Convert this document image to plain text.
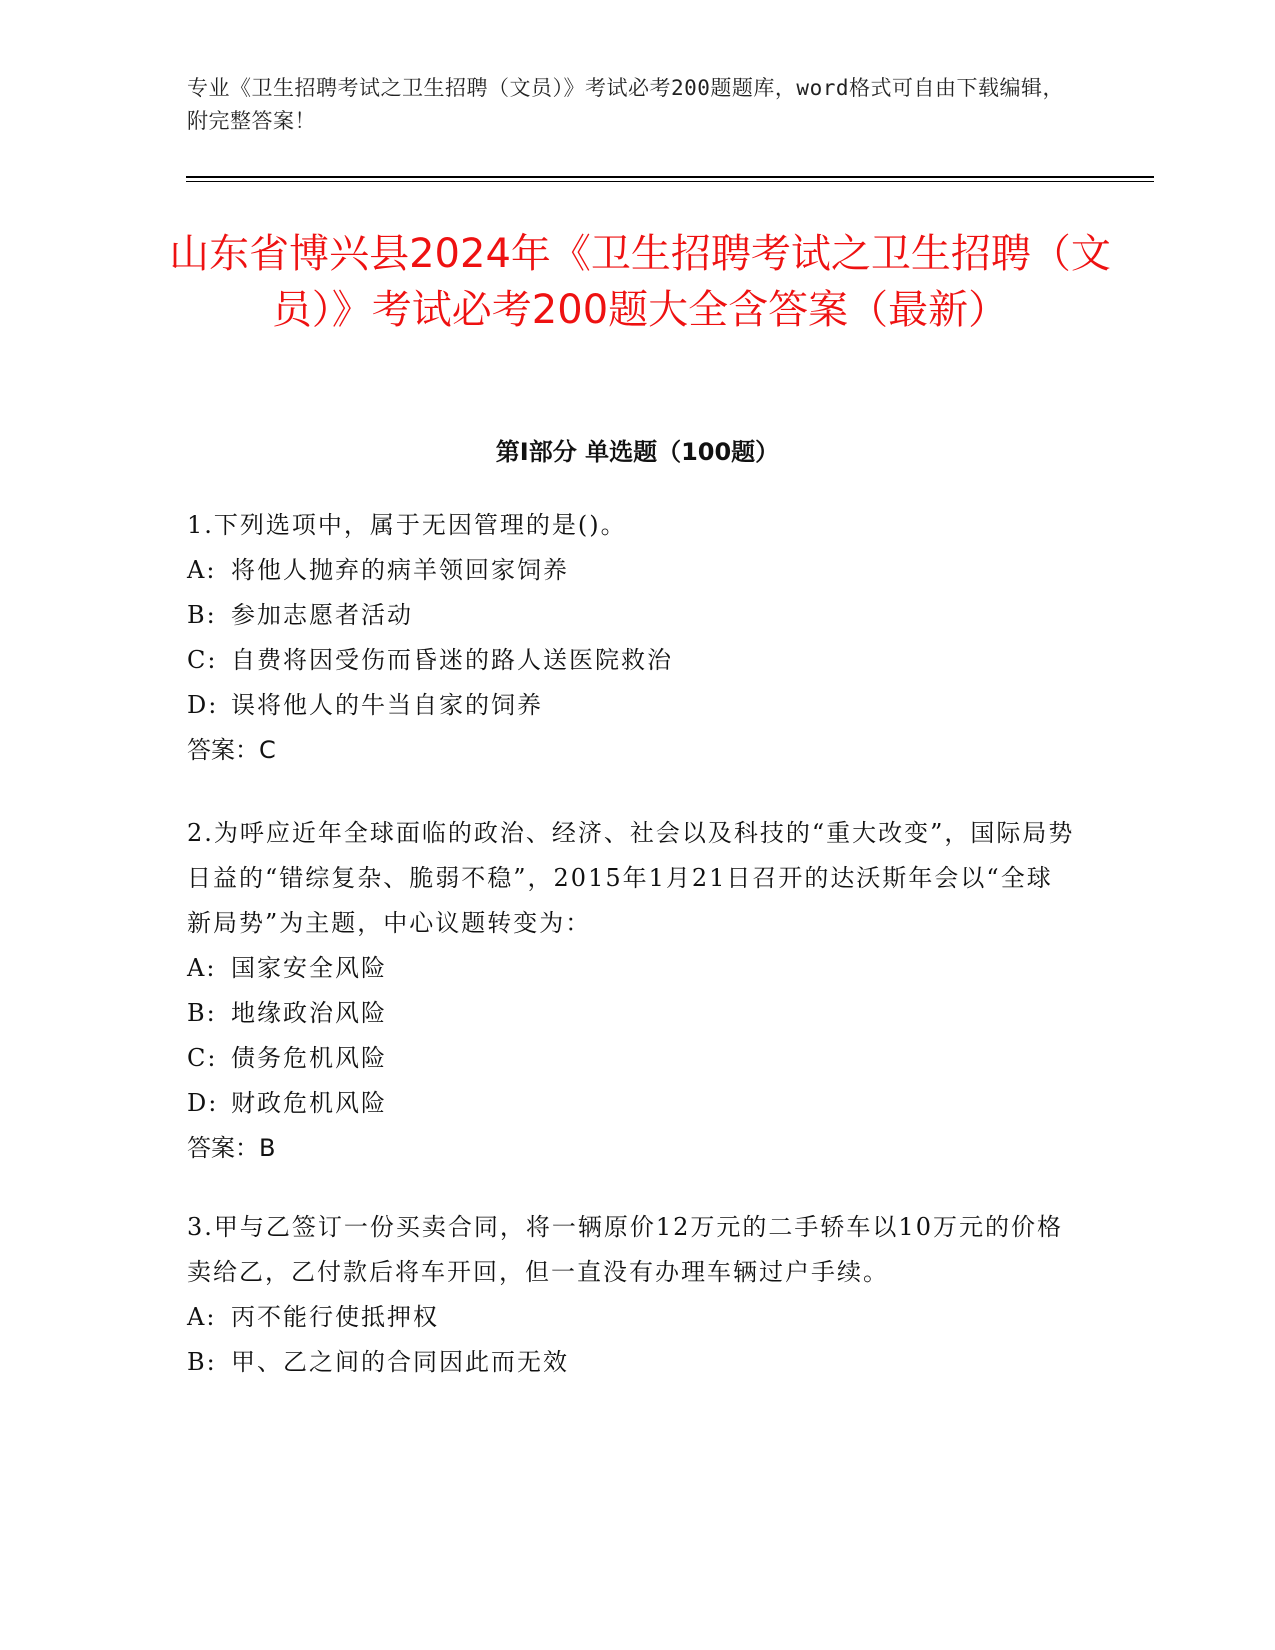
专业《卫生招聘考试之卫生招聘（文员）》考试必考200题题库，word格式可自由下载编辑，附完整答案！
山东省博兴县2024年《卫生招聘考试之卫生招聘（文员）》考试必考200题大全含答案（最新）
第Ⅰ部分 单选题（100题）
1.下列选项中，属于无因管理的是()。
A: 将他人抛弃的病羊领回家饲养
B: 参加志愿者活动
C: 自费将因受伤而昏迷的路人送医院救治
D: 误将他人的牛当自家的饲养
答案：C
2.为呼应近年全球面临的政治、经济、社会以及科技的“重大改变”，国际局势日益的“错综复杂、脆弱不稳”，2015年1月21日召开的达沃斯年会以“全球新局势”为主题，中心议题转变为：
A: 国家安全风险
B: 地缘政治风险
C: 债务危机风险
D: 财政危机风险
答案：B
3.甲与乙签订一份买卖合同，将一辆原价12万元的二手轿车以10万元的价格卖给乙，乙付款后将车开回，但一直没有办理车辆过户手续。
A: 丙不能行使抵押权
B: 甲、乙之间的合同因此而无效
